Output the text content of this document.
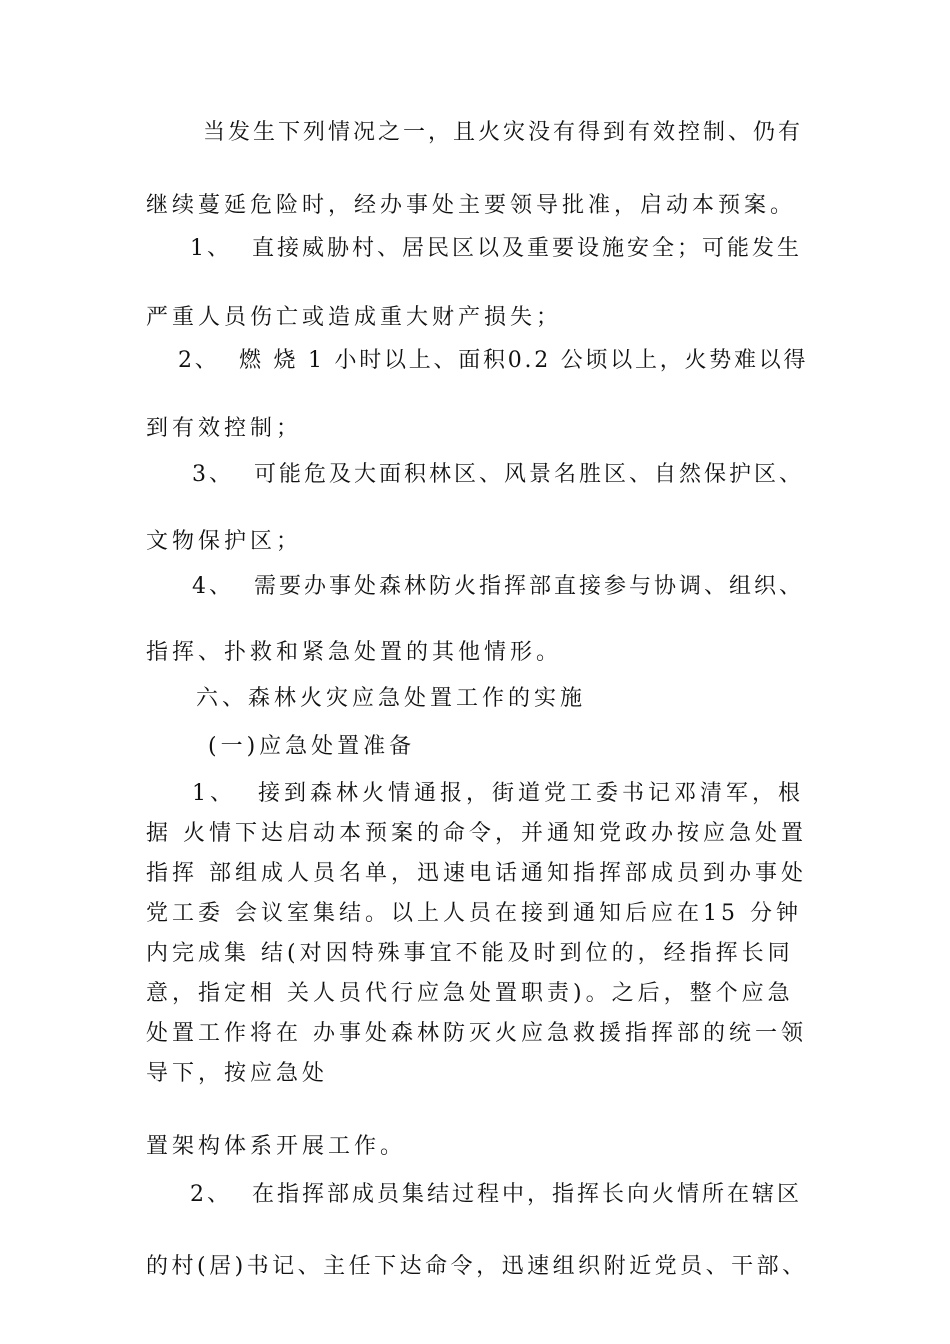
当发生下列情况之一，且火灾没有得到有效控制、仍有
继续蔓延危险时，经办事处主要领导批准，启动本预案。
1、  直接威胁村、居民区以及重要设施安全；可能发生
严重人员伤亡或造成重大财产损失；
2、  燃 烧 1 小时以上、面积0.2 公顷以上，火势难以得
到有效控制；
3、  可能危及大面积林区、风景名胜区、自然保护区、
文物保护区；
4、  需要办事处森林防火指挥部直接参与协调、组织、
指挥、扑救和紧急处置的其他情形。
六、森林火灾应急处置工作的实施
(一)应急处置准备
1、  接到森林火情通报，街道党工委书记邓清军，根
据 火情下达启动本预案的命令，并通知党政办按应急处置
指挥 部组成人员名单，迅速电话通知指挥部成员到办事处
党工委 会议室集结。以上人员在接到通知后应在15 分钟
内完成集 结(对因特殊事宜不能及时到位的，经指挥长同
意，指定相 关人员代行应急处置职责)。之后，整个应急
处置工作将在 办事处森林防灭火应急救援指挥部的统一领
导下，按应急处
置架构体系开展工作。
2、  在指挥部成员集结过程中，指挥长向火情所在辖区
的村(居)书记、主任下达命令，迅速组织附近党员、干部、
